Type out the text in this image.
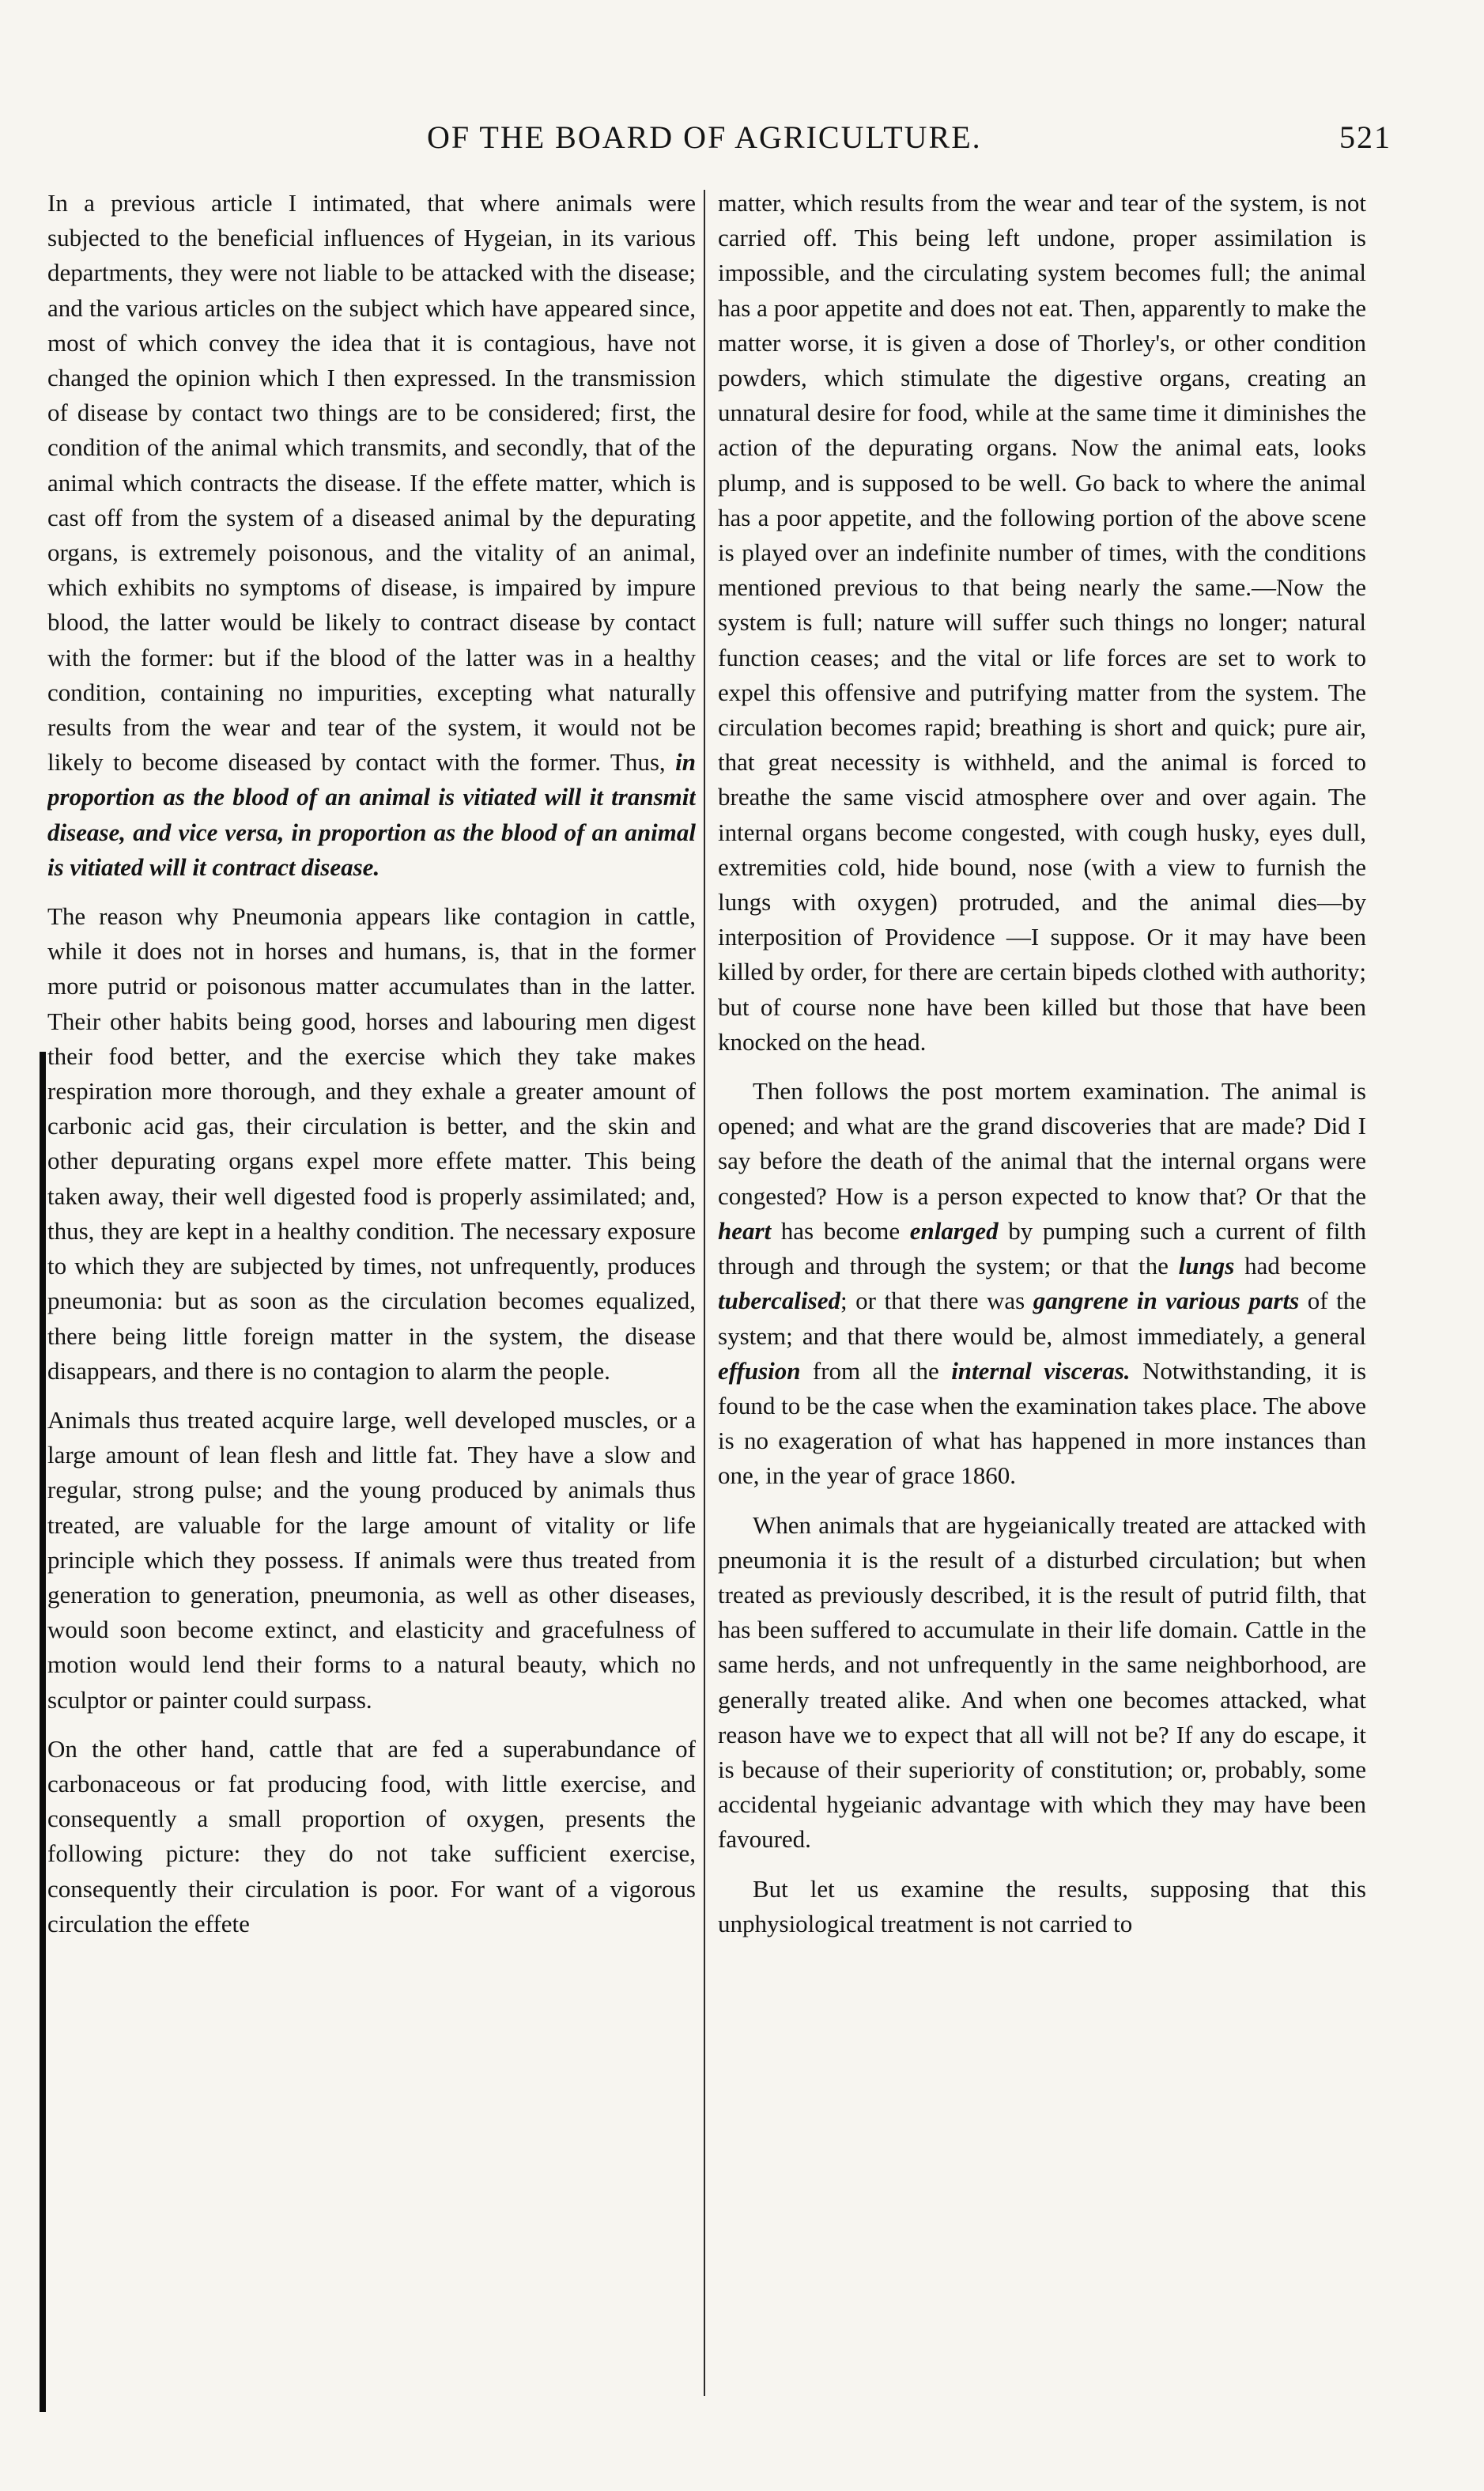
OF THE BOARD OF AGRICULTURE.	521

In a previous article I intimated, that where animals were subjected to the beneficial influences of Hygeian, in its various departments, they were not liable to be attacked with the disease; and the various articles on the subject which have appeared since, most of which convey the idea that it is contagious, have not changed the opinion which I then expressed. In the transmission of disease by contact two things are to be considered; first, the condition of the animal which transmits, and secondly, that of the animal which contracts the disease. If the effete matter, which is cast off from the system of a diseased animal by the depurating organs, is extremely poisonous, and the vitality of an animal, which exhibits no symptoms of disease, is impaired by impure blood, the latter would be likely to contract disease by contact with the former: but if the blood of the latter was in a healthy condition, containing no impurities, excepting what naturally results from the wear and tear of the system, it would not be likely to become diseased by contact with the former. Thus, in proportion as the blood of an animal is vitiated will it transmit disease, and vice versa, in proportion as the blood of an animal is vitiated will it contract disease.

The reason why Pneumonia appears like contagion in cattle, while it does not in horses and humans, is, that in the former more putrid or poisonous matter accumulates than in the latter. Their other habits being good, horses and labouring men digest their food better, and the exercise which they take makes respiration more thorough, and they exhale a greater amount of carbonic acid gas, their circulation is better, and the skin and other depurating organs expel more effete matter. This being taken away, their well digested food is properly assimilated; and, thus, they are kept in a healthy condition. The necessary exposure to which they are subjected by times, not unfrequently, produces pneumonia: but as soon as the circulation becomes equalized, there being little foreign matter in the system, the disease disappears, and there is no contagion to alarm the people.

Animals thus treated acquire large, well developed muscles, or a large amount of lean flesh and little fat. They have a slow and regular, strong pulse; and the young produced by animals thus treated, are valuable for the large amount of vitality or life principle which they possess. If animals were thus treated from generation to generation, pneumonia, as well as other diseases, would soon become extinct, and elasticity and gracefulness of motion would lend their forms to a natural beauty, which no sculptor or painter could surpass.

On the other hand, cattle that are fed a superabundance of carbonaceous or fat producing food, with little exercise, and consequently a small proportion of oxygen, presents the following picture: they do not take sufficient exercise, consequently their circulation is poor. For want of a vigorous circulation the effete

matter, which results from the wear and tear of the system, is not carried off. This being left undone, proper assimilation is impossible, and the circulating system becomes full; the animal has a poor appetite and does not eat. Then, apparently to make the matter worse, it is given a dose of Thorley's, or other condition powders, which stimulate the digestive organs, creating an unnatural desire for food, while at the same time it diminishes the action of the depurating organs. Now the animal eats, looks plump, and is supposed to be well. Go back to where the animal has a poor appetite, and the following portion of the above scene is played over an indefinite number of times, with the conditions mentioned previous to that being nearly the same.—Now the system is full; nature will suffer such things no longer; natural function ceases; and the vital or life forces are set to work to expel this offensive and putrifying matter from the system. The circulation becomes rapid; breathing is short and quick; pure air, that great necessity is withheld, and the animal is forced to breathe the same viscid atmosphere over and over again. The internal organs become congested, with cough husky, eyes dull, extremities cold, hide bound, nose (with a view to furnish the lungs with oxygen) protruded, and the animal dies—by interposition of Providence —I suppose. Or it may have been killed by order, for there are certain bipeds clothed with authority; but of course none have been killed but those that have been knocked on the head.

Then follows the post mortem examination. The animal is opened; and what are the grand discoveries that are made? Did I say before the death of the animal that the internal organs were congested? How is a person expected to know that? Or that the heart has become enlarged by pumping such a current of filth through and through the system; or that the lungs had become tubercalised; or that there was gangrene in various parts of the system; and that there would be, almost immediately, a general effusion from all the internal visceras. Notwithstanding, it is found to be the case when the examination takes place. The above is no exageration of what has happened in more instances than one, in the year of grace 1860.

When animals that are hygeianically treated are attacked with pneumonia it is the result of a disturbed circulation; but when treated as previously described, it is the result of putrid filth, that has been suffered to accumulate in their life domain. Cattle in the same herds, and not unfrequently in the same neighborhood, are generally treated alike. And when one becomes attacked, what reason have we to expect that all will not be? If any do escape, it is because of their superiority of constitution; or, probably, some accidental hygeianic advantage with which they may have been favoured.

But let us examine the results, supposing that this unphysiological treatment is not carried to
